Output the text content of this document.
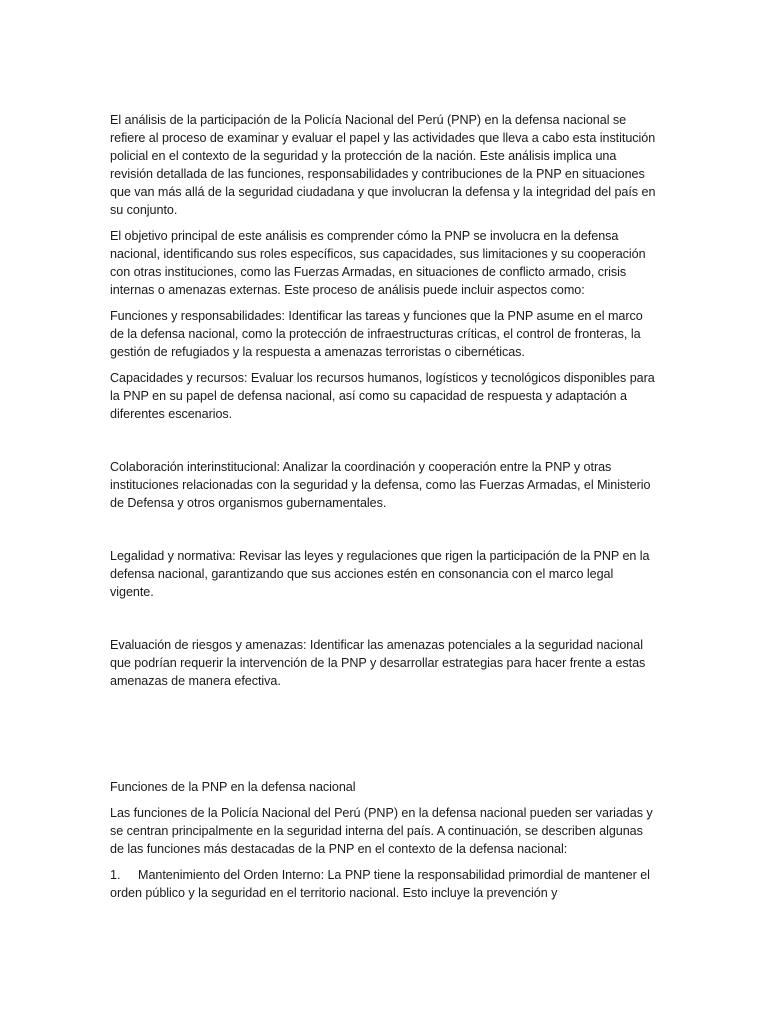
El análisis de la participación de la Policía Nacional del Perú (PNP) en la defensa nacional se refiere al proceso de examinar y evaluar el papel y las actividades que lleva a cabo esta institución policial en el contexto de la seguridad y la protección de la nación. Este análisis implica una revisión detallada de las funciones, responsabilidades y contribuciones de la PNP en situaciones que van más allá de la seguridad ciudadana y que involucran la defensa y la integridad del país en su conjunto.

El objetivo principal de este análisis es comprender cómo la PNP se involucra en la defensa nacional, identificando sus roles específicos, sus capacidades, sus limitaciones y su cooperación con otras instituciones, como las Fuerzas Armadas, en situaciones de conflicto armado, crisis internas o amenazas externas. Este proceso de análisis puede incluir aspectos como:

Funciones y responsabilidades: Identificar las tareas y funciones que la PNP asume en el marco de la defensa nacional, como la protección de infraestructuras críticas, el control de fronteras, la gestión de refugiados y la respuesta a amenazas terroristas o cibernéticas.

Capacidades y recursos: Evaluar los recursos humanos, logísticos y tecnológicos disponibles para la PNP en su papel de defensa nacional, así como su capacidad de respuesta y adaptación a diferentes escenarios.

Colaboración interinstitucional: Analizar la coordinación y cooperación entre la PNP y otras instituciones relacionadas con la seguridad y la defensa, como las Fuerzas Armadas, el Ministerio de Defensa y otros organismos gubernamentales.

Legalidad y normativa: Revisar las leyes y regulaciones que rigen la participación de la PNP en la defensa nacional, garantizando que sus acciones estén en consonancia con el marco legal vigente.

Evaluación de riesgos y amenazas: Identificar las amenazas potenciales a la seguridad nacional que podrían requerir la intervención de la PNP y desarrollar estrategias para hacer frente a estas amenazas de manera efectiva.

Funciones de la PNP en la defensa nacional

Las funciones de la Policía Nacional del Perú (PNP) en la defensa nacional pueden ser variadas y se centran principalmente en la seguridad interna del país. A continuación, se describen algunas de las funciones más destacadas de la PNP en el contexto de la defensa nacional:

1. Mantenimiento del Orden Interno: La PNP tiene la responsabilidad primordial de mantener el orden público y la seguridad en el territorio nacional. Esto incluye la prevención y
